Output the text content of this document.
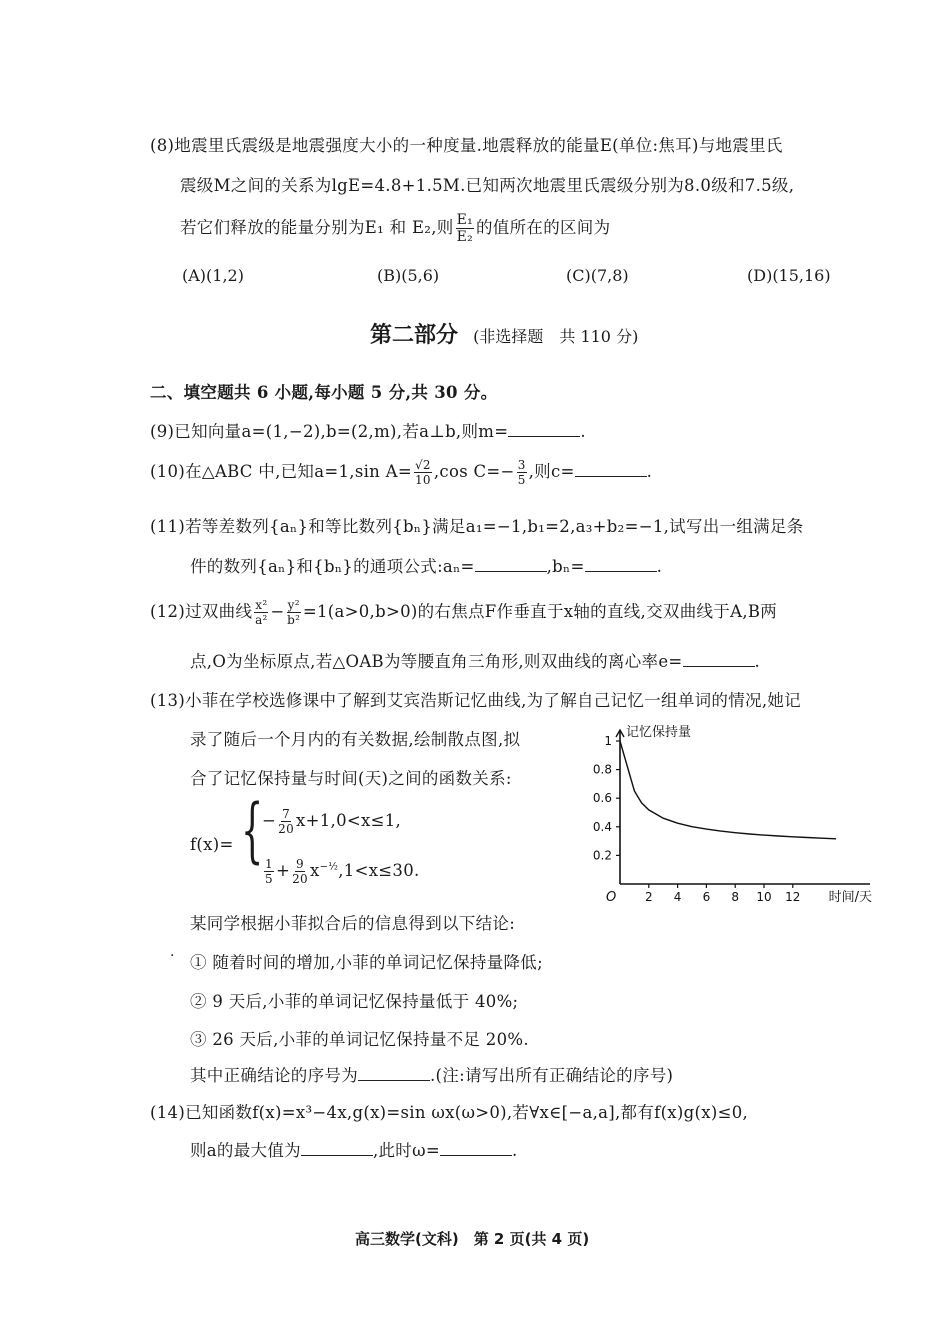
(8)地震里氏震级是地震强度大小的一种度量.地震释放的能量E(单位:焦耳)与地震里氏
震级M之间的关系为lgE=4.8+1.5M.已知两次地震里氏震级分别为8.0级和7.5级,
若它们释放的能量分别为E₁ 和 E₂,则 $\frac{\text{E₁}}{\text{E₂}}$ 的值所在的区间为
(A)(1,2)	(B)(5,6)	(C)(7,8)	(D)(15,16)
第二部分 (非选择题　共 110 分)
二、填空题共 6 小题,每小题 5 分,共 30 分。
(9)已知向量a=(1,−2),b=(2,m),若a⊥b,则m=	.
(10)在△ABC 中,已知a=1,sin $A= \frac{√2}{10} ,\cos$ $C=- \frac{3}{5}$ ,则c=	.
(11)若等差数列{aₙ}和等比数列{bₙ}满足a₁=−1,b₁=2,a₃+b₂=−1,试写出一组满足条
件的数列{aₙ}和{bₙ}的通项公式:aₙ=	,bₙ=	.
(12)过双曲线 $\frac{\text{x²}}{\text{a²}} - \frac{\text{y²}}{\text{b²}} =1(a>0,b>0)$的右焦点F作垂直于x轴的直线,交双曲线于A,B两
点,O为坐标原点,若△OAB为等腰直角三角形,则双曲线的离心率e=	.
(13)小菲在学校选修课中了解到艾宾浩斯记忆曲线,为了解自己记忆一组单词的情况,她记
录了随后一个月内的有关数据,绘制散点图,拟
合了记忆保持量与时间(天)之间的函数关系:
f(x)= {
− $\frac{7}{20} x+1,0<x\le 1$,
$\frac{1}{5} + \frac{9}{20} x^{-\frac{1}{2}},1<x\le 30$.
0.2
0.4
0.6
0.8
1
2 4 6 8 10 12
O
记忆保持量
时间/天
某同学根据小菲拟合后的信息得到以下结论:
· ① 随着时间的增加,小菲的单词记忆保持量降低;
② 9 天后,小菲的单词记忆保持量低于 40%;
③ 26 天后,小菲的单词记忆保持量不足 20%.
其中正确结论的序号为	.(注:请写出所有正确结论的序号)
(14)已知函数f(x)=x³−4x,g(x)=sin ωx(ω>0),若∀x∈[−a,a],都有f(x)g(x)≤0,
则a的最大值为	,此时ω=	.
高三数学(文科)　第 2 页(共 4 页)
